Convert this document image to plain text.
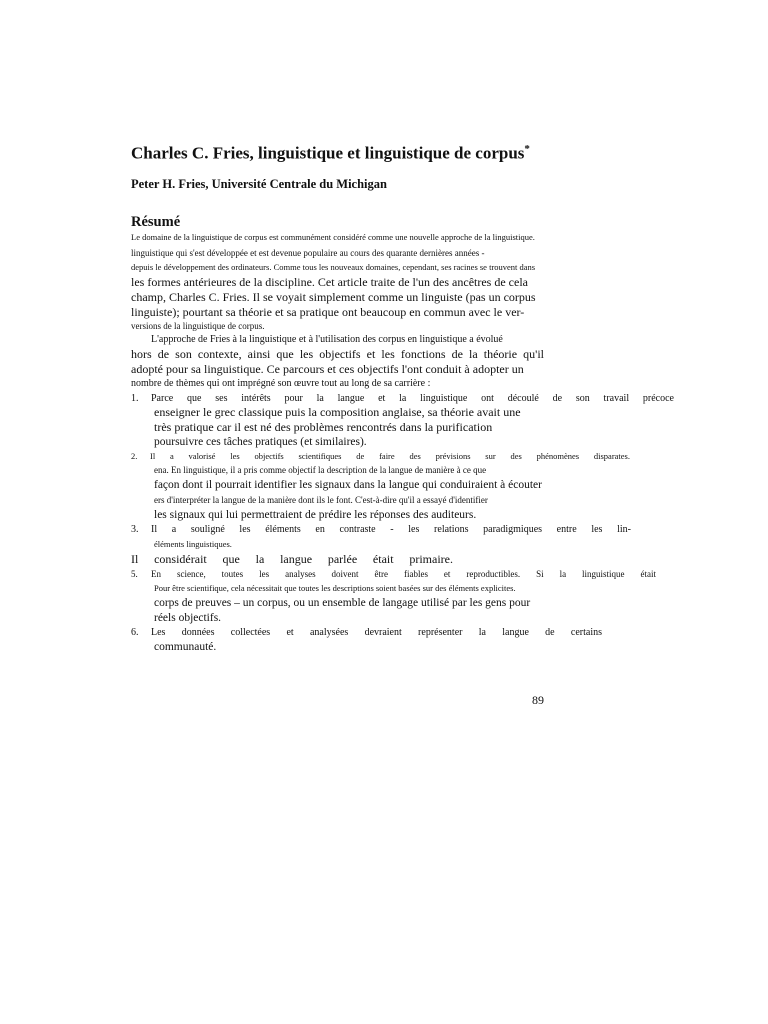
Charles C. Fries, linguistique et linguistique de corpus*
Peter H. Fries, Université Centrale du Michigan
Résumé
Le domaine de la linguistique de corpus est communément considéré comme une nouvelle approche de la linguistique.
linguistique qui s'est développée et est devenue populaire au cours des quarante dernières années -
depuis le développement des ordinateurs. Comme tous les nouveaux domaines, cependant, ses racines se trouvent dans
les formes antérieures de la discipline. Cet article traite de l'un des ancêtres de cela
champ, Charles C. Fries. Il se voyait simplement comme un linguiste (pas un corpus
linguiste); pourtant sa théorie et sa pratique ont beaucoup en commun avec le ver-
versions de la linguistique de corpus.
L'approche de Fries à la linguistique et à l'utilisation des corpus en linguistique a évolué
hors de son contexte, ainsi que les objectifs et les fonctions de la théorie qu'il
adopté pour sa linguistique. Ce parcours et ces objectifs l'ont conduit à adopter un
nombre de thèmes qui ont imprégné son œuvre tout au long de sa carrière :
1. Parce que ses intérêts pour la langue et la linguistique ont découlé de son travail précoce
enseigner le grec classique puis la composition anglaise, sa théorie avait une
très pratique car il est né des problèmes rencontrés dans la purification
poursuivre ces tâches pratiques (et similaires).
2. Il a valorisé les objectifs scientifiques de faire des prévisions sur des phénomènes disparates.
ena. En linguistique, il a pris comme objectif la description de la langue de manière à ce que
façon dont il pourrait identifier les signaux dans la langue qui conduiraient à écouter
ers d'interpréter la langue de la manière dont ils le font. C'est-à-dire qu'il a essayé d'identifier
les signaux qui lui permettraient de prédire les réponses des auditeurs.
3. Il a souligné les éléments en contraste - les relations paradigmiques entre les lin-
éléments linguistiques.
Il considérait que la langue parlée était primaire.
5. En science, toutes les analyses doivent être fiables et reproductibles. Si la linguistique était
Pour être scientifique, cela nécessitait que toutes les descriptions soient basées sur des éléments explicites.
corps de preuves – un corpus, ou un ensemble de langage utilisé par les gens pour
réels objectifs.
6. Les données collectées et analysées devraient représenter la langue de certains
communauté.
89
